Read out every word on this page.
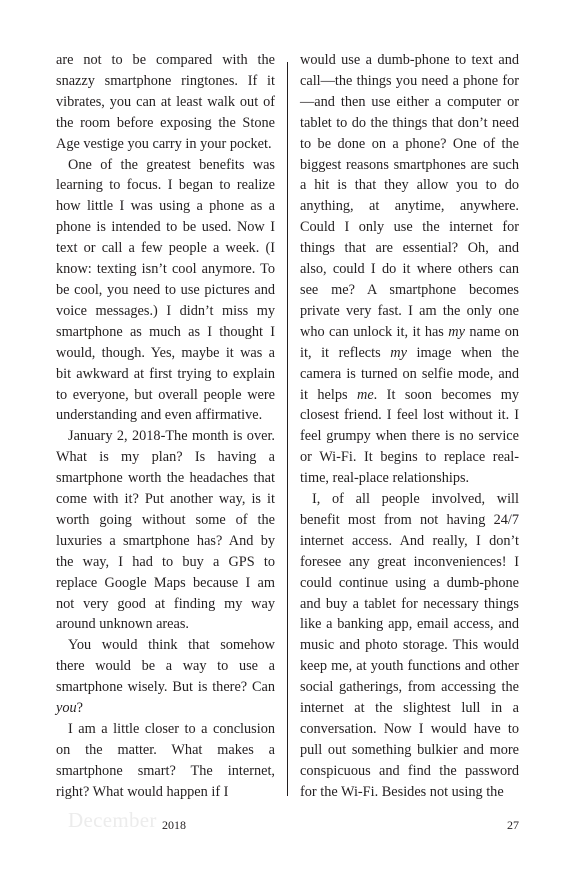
are not to be compared with the snazzy smartphone ringtones. If it vibrates, you can at least walk out of the room before exposing the Stone Age vestige you carry in your pocket.

One of the greatest benefits was learning to focus. I began to realize how little I was using a phone as a phone is intended to be used. Now I text or call a few people a week. (I know: texting isn’t cool anymore. To be cool, you need to use pictures and voice messages.) I didn’t miss my smartphone as much as I thought I would, though. Yes, maybe it was a bit awkward at first trying to explain to everyone, but overall people were understanding and even affirmative.

January 2, 2018-The month is over. What is my plan? Is having a smartphone worth the headaches that come with it? Put another way, is it worth going without some of the luxuries a smartphone has? And by the way, I had to buy a GPS to replace Google Maps because I am not very good at finding my way around unknown areas.

You would think that somehow there would be a way to use a smartphone wisely. But is there? Can you?

I am a little closer to a conclusion on the matter. What makes a smartphone smart? The internet, right? What would happen if I

would use a dumb-phone to text and call—the things you need a phone for—and then use either a computer or tablet to do the things that don’t need to be done on a phone? One of the biggest reasons smartphones are such a hit is that they allow you to do anything, at anytime, anywhere. Could I only use the internet for things that are essential? Oh, and also, could I do it where others can see me? A smartphone becomes private very fast. I am the only one who can unlock it, it has my name on it, it reflects my image when the camera is turned on selfie mode, and it helps me. It soon becomes my closest friend. I feel lost without it. I feel grumpy when there is no service or Wi-Fi. It begins to replace real-time, real-place relationships.

I, of all people involved, will benefit most from not having 24/7 internet access. And really, I don’t foresee any great inconveniences! I could continue using a dumb-phone and buy a tablet for necessary things like a banking app, email access, and music and photo storage. This would keep me, at youth functions and other social gatherings, from accessing the internet at the slightest lull in a conversation. Now I would have to pull out something bulkier and more conspicuous and find the password for the Wi-Fi. Besides not using the

December 2018	27
